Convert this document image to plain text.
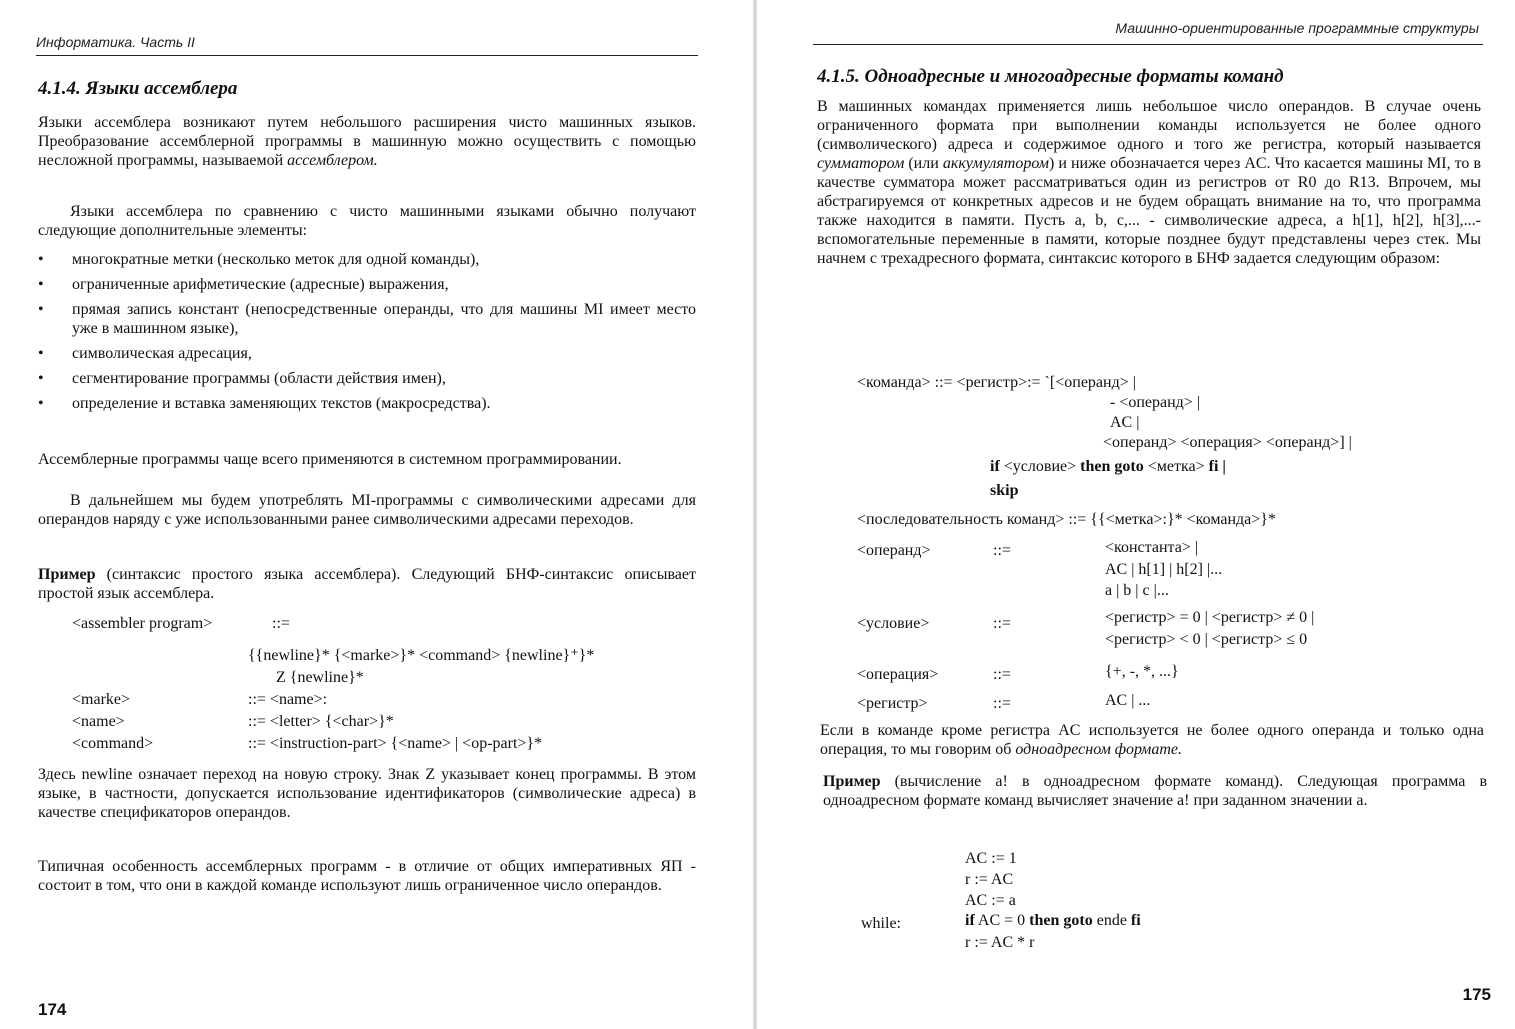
Информатика. Часть II
4.1.4. Языки ассемблера

Языки ассемблера возникают путем небольшого расширения чисто машинных языков. Преобразование ассемблерной программы в машинную можно осуществить с помощью несложной программы, называемой ассемблером.

Языки ассемблера по сравнению с чисто машинными языками обычно получают следующие дополнительные элементы:

• многократные метки (несколько меток для одной команды),
• ограниченные арифметические (адресные) выражения,
• прямая запись констант (непосредственные операнды, что для машины MI имеет место уже в машинном языке),
• символическая адресация,
• сегментирование программы (области действия имен),
• определение и вставка заменяющих текстов (макросредства).

Ассемблерные программы чаще всего применяются в системном программировании.

В дальнейшем мы будем употреблять MI-программы с символическими адресами для операндов наряду с уже использованными ранее символическими адресами переходов.

Пример (синтаксис простого языка ассемблера). Следующий БНФ-синтаксис описывает простой язык ассемблера.

<assembler program>	::=
{{newline}* {<marke>}* <command> {newline}⁺}*
Z {newline}*
<marke>	::= <name>:
<name>	::= <letter> {<char>}*
<command>	::= <instruction-part> {<name> | <op-part>}*

Здесь newline означает переход на новую строку. Знак Z указывает конец программы. В этом языке, в частности, допускается использование идентификаторов (символические адреса) в качестве спецификаторов операндов.

Типичная особенность ассемблерных программ - в отличие от общих императивных ЯП - состоит в том, что они в каждой команде используют лишь ограниченное число операндов.

174
Машинно-ориентированные программные структуры
4.1.5. Одноадресные и многоадресные форматы команд

В машинных командах применяется лишь небольшое число операндов. В случае очень ограниченного формата при выполнении команды используется не более одного (символического) адреса и содержимое одного и того же регистра, который называется сумматором (или аккумулятором) и ниже обозначается через AC. Что касается машины MI, то в качестве сумматора может рассматриваться один из регистров от R0 до R13. Впрочем, мы абстрагируемся от конкретных адресов и не будем обращать внимание на то, что программа также находится в памяти. Пусть a, b, c,... - символические адреса, а h[1], h[2], h[3],...- вспомогательные переменные в памяти, которые позднее будут представлены через стек. Мы начнем с трехадресного формата, синтаксис которого в БНФ задается следующим образом:

<команда> ::= <регистр>:= `[<операнд> |
- <операнд> |
AC |
<операнд> <операция> <операнд>] |
if <условие> then goto <метка> fi |
skip
<последовательность команд> ::= {{<метка>:}* <команда>}*
<операнд>	::=	<константа> |
AC | h[1] | h[2] |...
a | b | c |...
<условие>	::=	<регистр> = 0 | <регистр> ≠ 0 |
<регистр> < 0 | <регистр> ≤ 0
<операция>	::=	{+, -, *, ...}
<регистр>	::=	AC | ...

Если в команде кроме регистра AC используется не более одного операнда и только одна операция, то мы говорим об одноадресном формате.

Пример (вычисление a! в одноадресном формате команд). Следующая программа в одноадресном формате команд вычисляет значение a! при заданном значении a.

AC := 1
r := AC
AC := a
while:	if AC = 0 then goto ende fi
r := AC * r
175
